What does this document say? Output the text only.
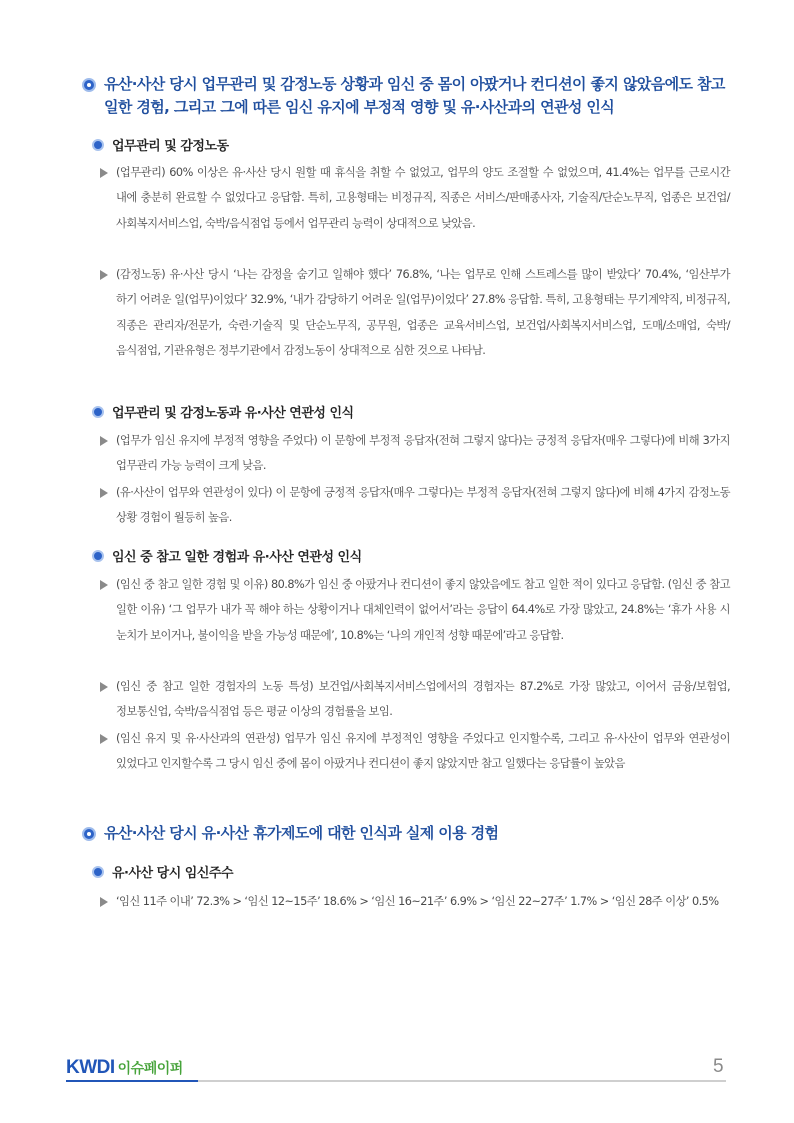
유산·사산 당시 업무관리 및 감정노동 상황과 임신 중 몸이 아팠거나 컨디션이 좋지 않았음에도 참고 일한 경험, 그리고 그에 따른 임신 유지에 부정적 영향 및 유·사산과의 연관성 인식
업무관리 및 감정노동
(업무관리) 60% 이상은 유·사산 당시 원할 때 휴식을 취할 수 없었고, 업무의 양도 조절할 수 없었으며, 41.4%는 업무를 근로시간 내에 충분히 완료할 수 없었다고 응답함. 특히, 고용형태는 비정규직, 직종은 서비스/판매종사자, 기술직/단순노무직, 업종은 보건업/사회복지서비스업, 숙박/음식점업 등에서 업무관리 능력이 상대적으로 낮았음.
(감정노동) 유·사산 당시 ‘나는 감정을 숨기고 일해야 했다’ 76.8%, ‘나는 업무로 인해 스트레스를 많이 받았다’ 70.4%, ‘임산부가 하기 어려운 일(업무)이었다’ 32.9%, ‘내가 감당하기 어려운 일(업무)이었다’ 27.8% 응답함. 특히, 고용형태는 무기계약직, 비정규직, 직종은 관리자/전문가, 숙련·기술직 및 단순노무직, 공무원, 업종은 교육서비스업, 보건업/사회복지서비스업, 도매/소매업, 숙박/음식점업, 기관유형은 정부기관에서 감정노동이 상대적으로 심한 것으로 나타남.
업무관리 및 감정노동과 유·사산 연관성 인식
(업무가 임신 유지에 부정적 영향을 주었다) 이 문항에 부정적 응답자(전혀 그렇지 않다)는 긍정적 응답자(매우 그렇다)에 비해 3가지 업무관리 가능 능력이 크게 낮음.
(유·사산이 업무와 연관성이 있다) 이 문항에 긍정적 응답자(매우 그렇다)는 부정적 응답자(전혀 그렇지 않다)에 비해 4가지 감정노동 상황 경험이 월등히 높음.
임신 중 참고 일한 경험과 유·사산 연관성 인식
(임신 중 참고 일한 경험 및 이유) 80.8%가 임신 중 아팠거나 컨디션이 좋지 않았음에도 참고 일한 적이 있다고 응답함. (임신 중 참고 일한 이유) ‘그 업무가 내가 꼭 해야 하는 상황이거나 대체인력이 없어서’라는 응답이 64.4%로 가장 많았고, 24.8%는 ‘휴가 사용 시 눈치가 보이거나, 불이익을 받을 가능성 때문에’, 10.8%는 ‘나의 개인적 성향 때문에’라고 응답함.
(임신 중 참고 일한 경험자의 노동 특성) 보건업/사회복지서비스업에서의 경험자는 87.2%로 가장 많았고, 이어서 금융/보험업, 정보통신업, 숙박/음식점업 등은 평균 이상의 경험률을 보임.
(임신 유지 및 유·사산과의 연관성) 업무가 임신 유지에 부정적인 영향을 주었다고 인지할수록, 그리고 유·사산이 업무와 연관성이 있었다고 인지할수록 그 당시 임신 중에 몸이 아팠거나 컨디션이 좋지 않았지만 참고 일했다는 응답률이 높았음
유산·사산 당시 유·사산 휴가제도에 대한 인식과 실제 이용 경험
유·사산 당시 임신주수
‘임신 11주 이내’ 72.3% > ‘임신 12~15주’ 18.6% > ‘임신 16~21주’ 6.9% > ‘임신 22~27주’ 1.7% > ‘임신 28주 이상’ 0.5%
KWDI 이슈페이퍼	5
